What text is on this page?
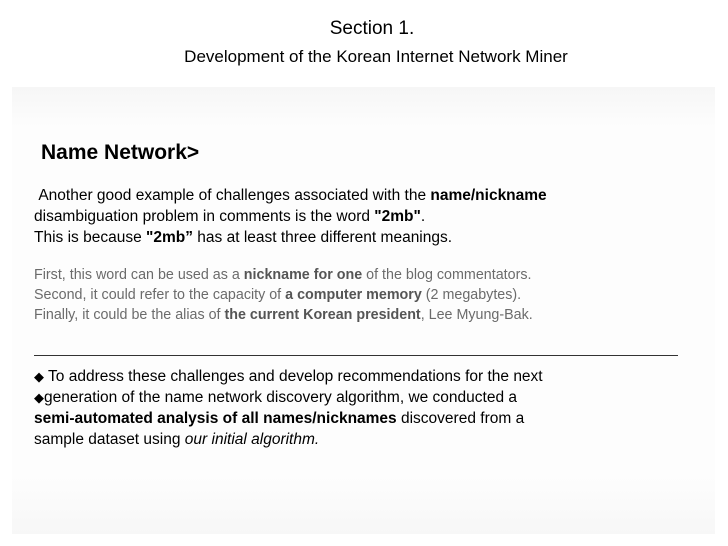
Section 1.
Development of the Korean Internet Network Miner
Name Network>
Another good example of challenges associated with the name/nickname
disambiguation problem in comments is the word "2mb".
This is because "2mb” has at least three different meanings.
First, this word can be used as a nickname for one of the blog commentators.
Second, it could refer to the capacity of a computer memory (2 megabytes).
Finally, it could be the alias of the current Korean president, Lee Myung-Bak.
◆ To address these challenges and develop recommendations for the next
◆generation of the name network discovery algorithm, we conducted a
semi-automated analysis of all names/nicknames discovered from a
sample dataset using our initial algorithm.
